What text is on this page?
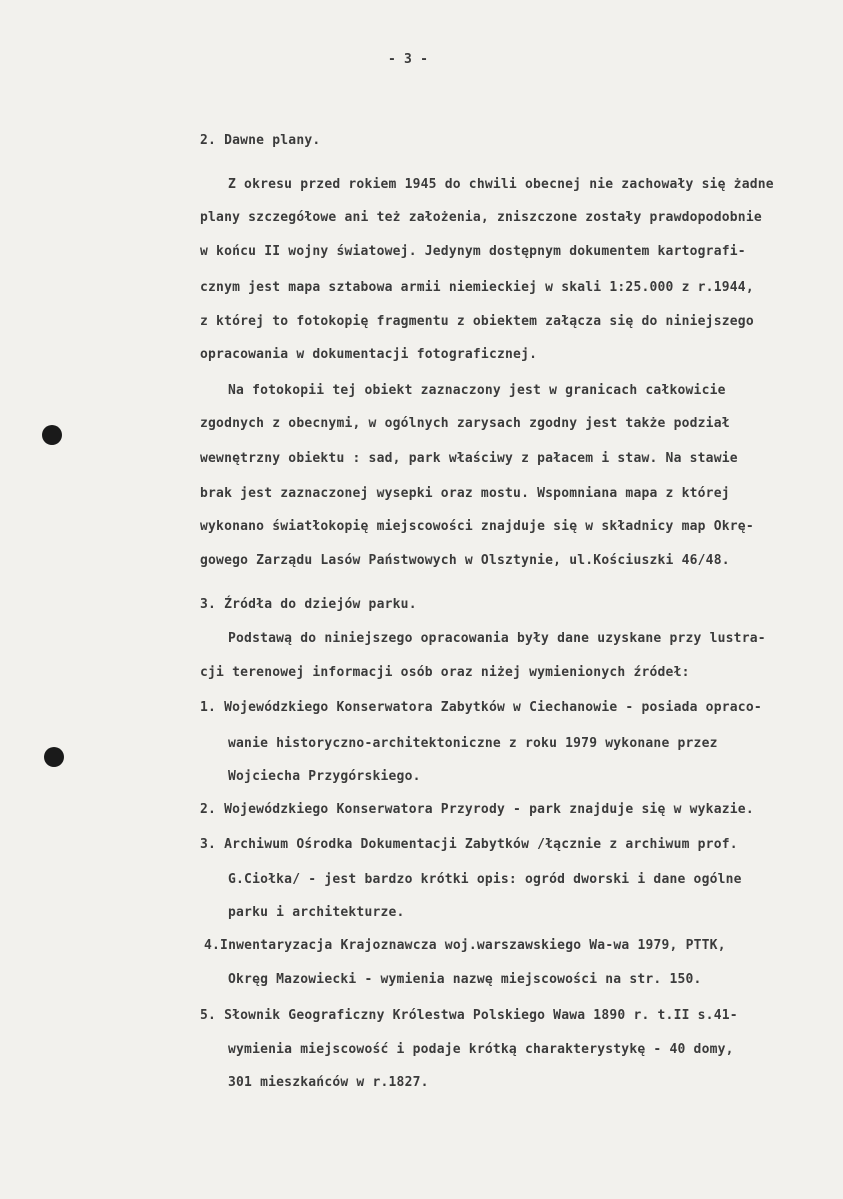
- 3 -
2. Dawne plany.
Z okresu przed rokiem 1945 do chwili obecnej nie zachowały się żadne
plany szczegółowe ani też założenia, zniszczone zostały prawdopodobnie
w końcu II wojny światowej. Jedynym dostępnym dokumentem kartografi-
cznym jest mapa sztabowa armii niemieckiej w skali 1:25.000 z r.1944,
z której to fotokopię fragmentu z obiektem załącza się do niniejszego
opracowania w dokumentacji fotograficznej.
Na fotokopii tej obiekt zaznaczony jest w granicach całkowicie
zgodnych z obecnymi, w ogólnych zarysach zgodny jest także podział
wewnętrzny obiektu : sad, park właściwy z pałacem i staw. Na stawie
brak jest zaznaczonej wysepki oraz mostu. Wspomniana mapa z której
wykonano światłokopię miejscowości znajduje się w składnicy map Okrę-
gowego Zarządu Lasów Państwowych w Olsztynie, ul.Kościuszki 46/48.
3. Źródła do dziejów parku.
Podstawą do niniejszego opracowania były dane uzyskane przy lustra-
cji terenowej informacji osób oraz niżej wymienionych źródeł:
1. Wojewódzkiego Konserwatora Zabytków w Ciechanowie - posiada opraco-
wanie historyczno-architektoniczne z roku 1979 wykonane przez
Wojciecha Przygórskiego.
2. Wojewódzkiego Konserwatora Przyrody - park znajduje się w wykazie.
3. Archiwum Ośrodka Dokumentacji Zabytków /łącznie z archiwum prof.
G.Ciołka/ - jest bardzo krótki opis: ogród dworski i dane ogólne
parku i architekturze.
4.Inwentaryzacja Krajoznawcza woj.warszawskiego Wa-wa 1979, PTTK,
Okręg Mazowiecki - wymienia nazwę miejscowości na str. 150.
5. Słownik Geograficzny Królestwa Polskiego Wawa 1890 r. t.II s.41-
wymienia miejscowość i podaje krótką charakterystykę - 40 domy,
301 mieszkańców w r.1827.
